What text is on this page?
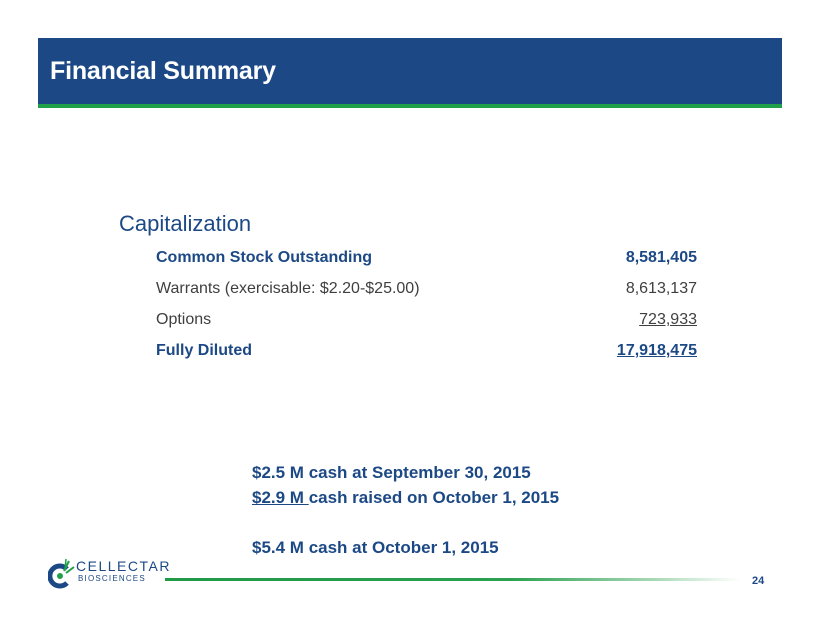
Financial Summary
Capitalization
Common Stock Outstanding	8,581,405
Warrants (exercisable: $2.20-$25.00)	8,613,137
Options	723,933
Fully Diluted	17,918,475
$2.5 M cash at September 30, 2015
$2.9 M cash raised on October 1, 2015
$5.4 M cash at October 1, 2015
CELLECTAR
BIOSCIENCES	24
